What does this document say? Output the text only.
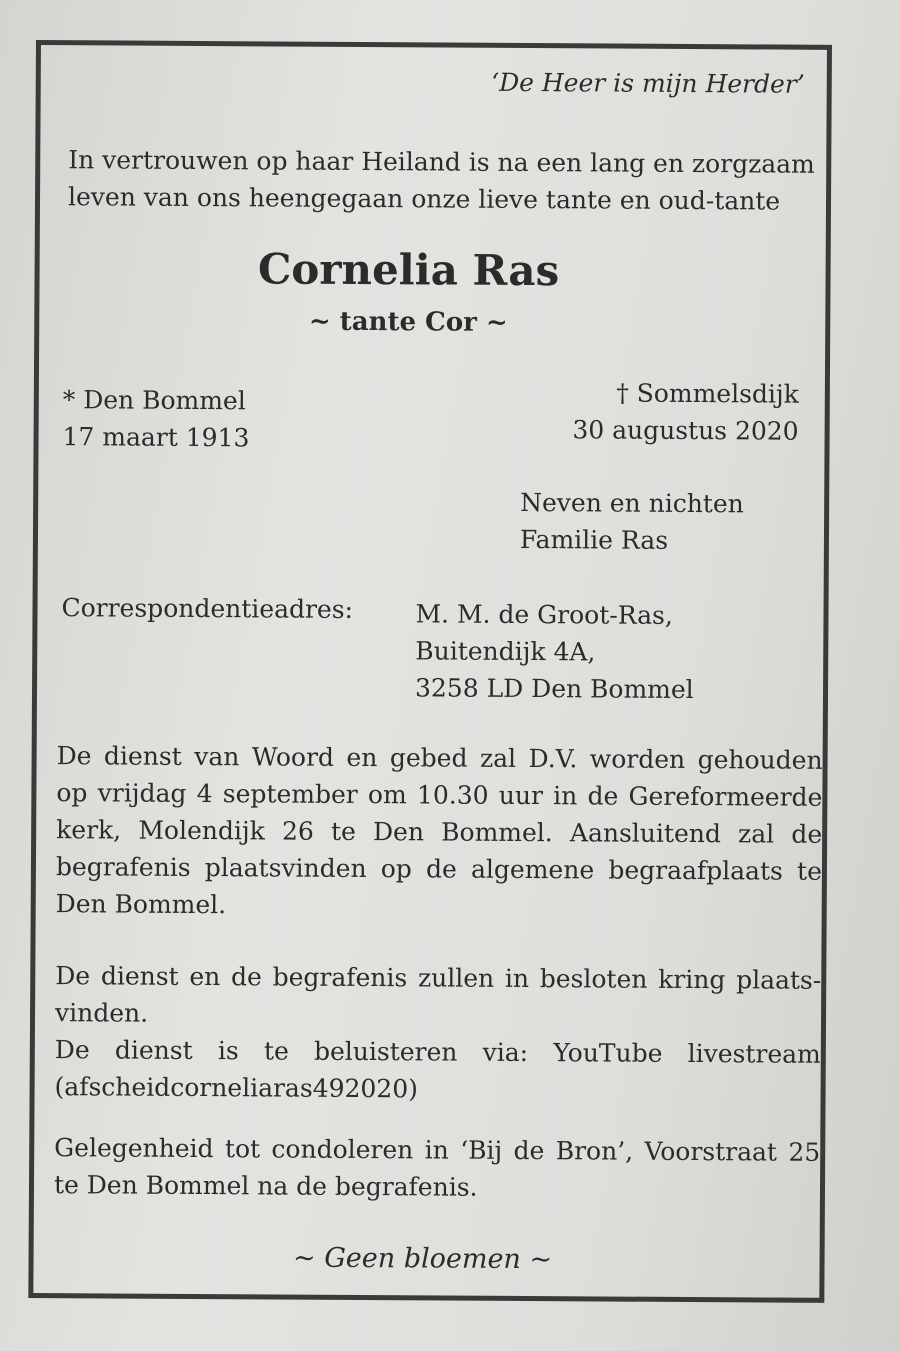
‘De Heer is mijn Herder’
In vertrouwen op haar Heiland is na een lang en zorgzaam
leven van ons heengegaan onze lieve tante en oud-tante
Cornelia Ras
~ tante Cor ~
* Den Bommel
17 maart 1913
† Sommelsdijk
30 augustus 2020
Neven en nichten
Familie Ras
Correspondentieadres: M. M. de Groot-Ras,
Buitendijk 4A,
3258 LD Den Bommel
De dienst van Woord en gebed zal D.V. worden gehouden
op vrijdag 4 september om 10.30 uur in de Gereformeerde
kerk, Molendijk 26 te Den Bommel. Aansluitend zal de
begrafenis plaatsvinden op de algemene begraafplaats te
Den Bommel.
De dienst en de begrafenis zullen in besloten kring plaats-
vinden.
De dienst is te beluisteren via: YouTube livestream
(afscheidcorneliaras492020)
Gelegenheid tot condoleren in ‘Bij de Bron’, Voorstraat 25
te Den Bommel na de begrafenis.
~ Geen bloemen ~
